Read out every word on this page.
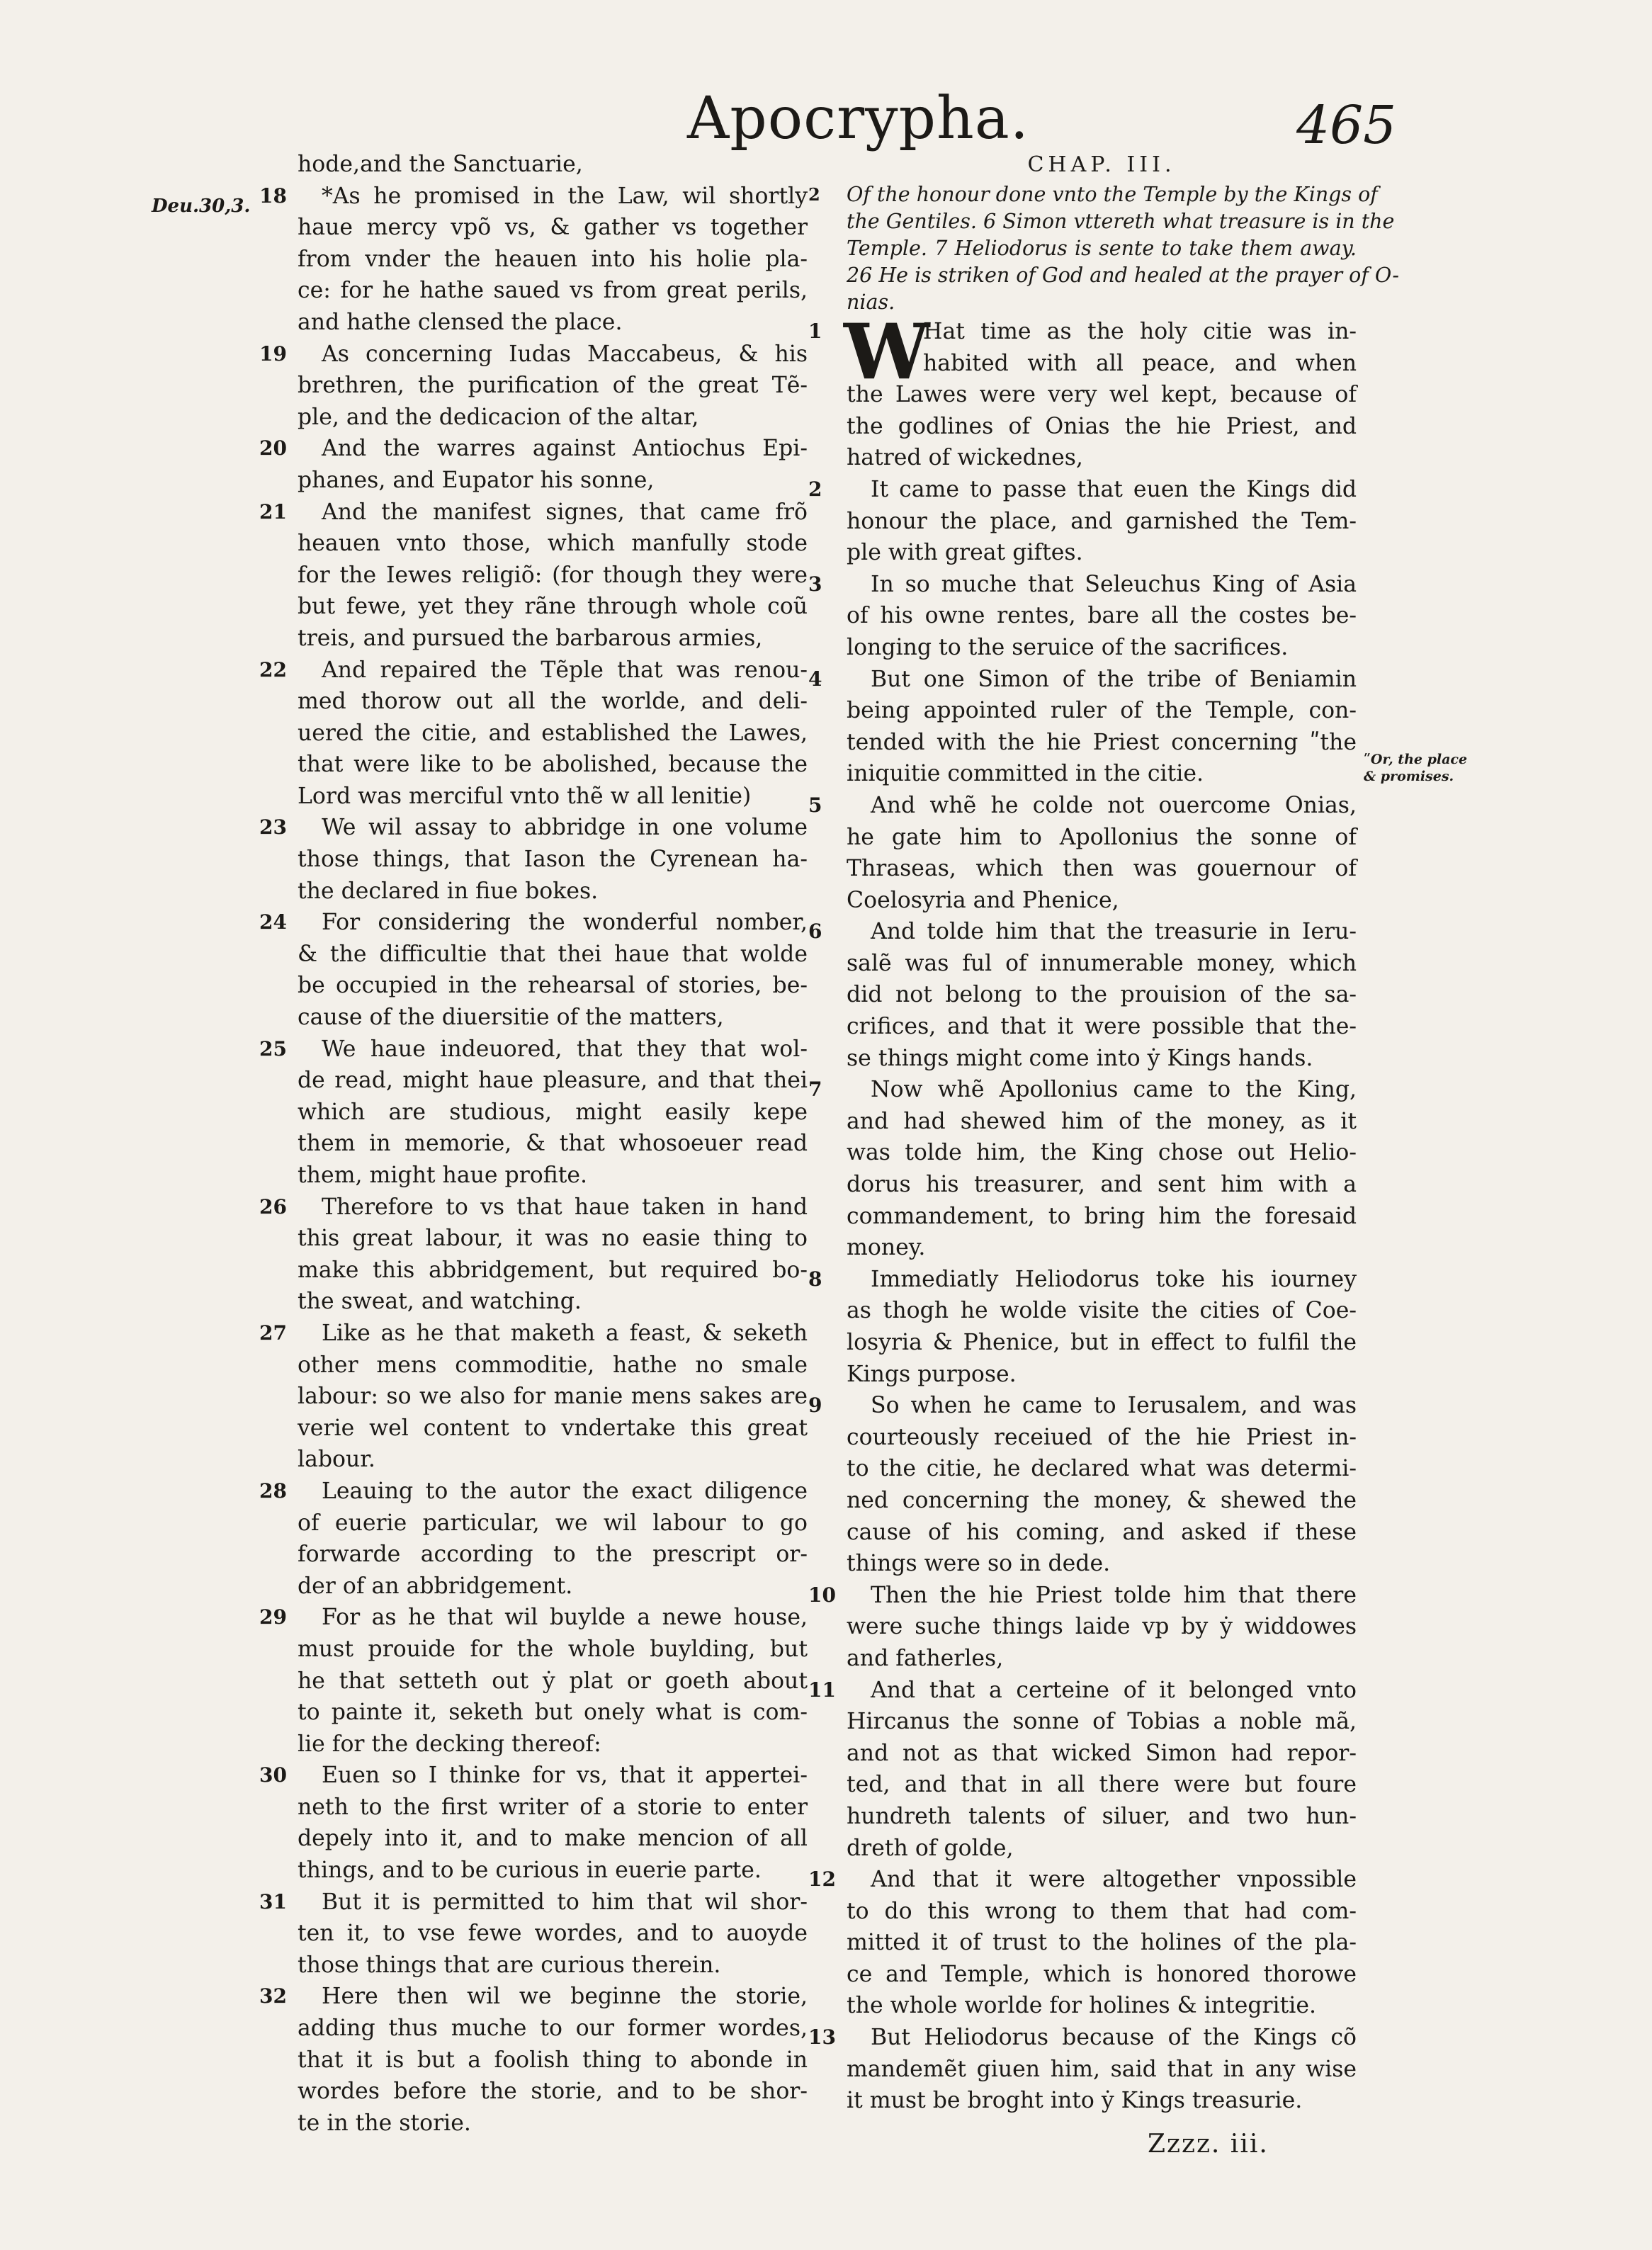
Apocrypha.	465
Deu.30,3.
hode,and the Sanctuarie,
18 *As he promised in the Law, wil shortly
haue mercy vpõ vs, & gather vs together
from vnder the heauen into his holie pla-
ce: for he hathe saued vs from great perils,
and hathe clensed the place.
19 As concerning Iudas Maccabeus, & his
brethren, the purification of the great Tẽ-
ple, and the dedicacion of the altar,
20 And the warres against Antiochus Epi-
phanes, and Eupator his sonne,
21 And the manifest signes, that came frõ
heauen vnto those, which manfully stode
for the Iewes religiõ: (for though they were
but fewe, yet they rãne through whole coũ
treis, and pursued the barbarous armies,
22 And repaired the Tẽple that was renou-
med thorow out all the worlde, and deli-
uered the citie, and established the Lawes,
that were like to be abolished, because the
Lord was merciful vnto thẽ w all lenitie)
23 We wil assay to abbridge in one volume
those things, that Iason the Cyrenean ha-
the declared in fiue bokes.
24 For considering the wonderful nomber,
& the difficultie that thei haue that wolde
be occupied in the rehearsal of stories, be-
cause of the diuersitie of the matters,
25 We haue indeuored, that they that wol-
de read, might haue pleasure, and that thei
which are studious, might easily kepe
them in memorie, & that whosoeuer read
them, might haue profite.
26 Therefore to vs that haue taken in hand
this great labour, it was no easie thing to
make this abbridgement, but required bo-
the sweat, and watching.
27 Like as he that maketh a feast, & seketh
other mens commoditie, hathe no smale
labour: so we also for manie mens sakes are
verie wel content to vndertake this great
labour.
28 Leauing to the autor the exact diligence
of euerie particular, we wil labour to go
forwarde according to the prescript or-
der of an abbridgement.
29 For as he that wil buylde a newe house,
must prouide for the whole buylding, but
he that setteth out ẏ plat or goeth about
to painte it, seketh but onely what is com-
lie for the decking thereof:
30 Euen so I thinke for vs, that it appertei-
neth to the first writer of a storie to enter
depely into it, and to make mencion of all
things, and to be curious in euerie parte.
31 But it is permitted to him that wil shor-
ten it, to vse fewe wordes, and to auoyde
those things that are curious therein.
32 Here then wil we beginne the storie,
adding thus muche to our former wordes,
that it is but a foolish thing to abonde in
wordes before the storie, and to be shor-
te in the storie.
CHAP. III.
2 Of the honour done vnto the Temple by the Kings of
the Gentiles. 6 Simon vttereth what treasure is in the
Temple. 7 Heliodorus is sente to take them away.
26 He is striken of God and healed at the prayer of O-
nias.
W
1	Hat time as the holy citie was in-
habited with all peace, and when
the Lawes were very wel kept, because of
the godlines of Onias the hie Priest, and
hatred of wickednes,
2 It came to passe that euen the Kings did
honour the place, and garnished the Tem-
ple with great giftes.
3 In so muche that Seleuchus King of Asia
of his owne rentes, bare all the costes be-
longing to the seruice of the sacrifices.
4 But one Simon of the tribe of Beniamin
being appointed ruler of the Temple, con-
tended with the hie Priest concerning ʺthe
iniquitie committed in the citie.
5 And whẽ he colde not ouercome Onias,
he gate him to Apollonius the sonne of
Thraseas, which then was gouernour of
Coelosyria and Phenice,
6 And tolde him that the treasurie in Ieru-
salẽ was ful of innumerable money, which
did not belong to the prouision of the sa-
crifices, and that it were possible that the-
se things might come into ẏ Kings hands.
7 Now whẽ Apollonius came to the King,
and had shewed him of the money, as it
was tolde him, the King chose out Helio-
dorus his treasurer, and sent him with a
commandement, to bring him the foresaid
money.
8 Immediatly Heliodorus toke his iourney
as thogh he wolde visite the cities of Coe-
losyria & Phenice, but in effect to fulfil the
Kings purpose.
9 So when he came to Ierusalem, and was
courteously receiued of the hie Priest in-
to the citie, he declared what was determi-
ned concerning the money, & shewed the
cause of his coming, and asked if these
things were so in dede.
10 Then the hie Priest tolde him that there
were suche things laide vp by ẏ widdowes
and fatherles,
11 And that a certeine of it belonged vnto
Hircanus the sonne of Tobias a noble mã,
and not as that wicked Simon had repor-
ted, and that in all there were but foure
hundreth talents of siluer, and two hun-
dreth of golde,
12 And that it were altogether vnpossible
to do this wrong to them that had com-
mitted it of trust to the holines of the pla-
ce and Temple, which is honored thorowe
the whole worlde for holines & integritie.
13 But Heliodorus because of the Kings cõ
mandemẽt giuen him, said that in any wise
it must be broght into ẏ Kings treasurie.
ʺOr, the place & promises.
Zzzz. iii.
